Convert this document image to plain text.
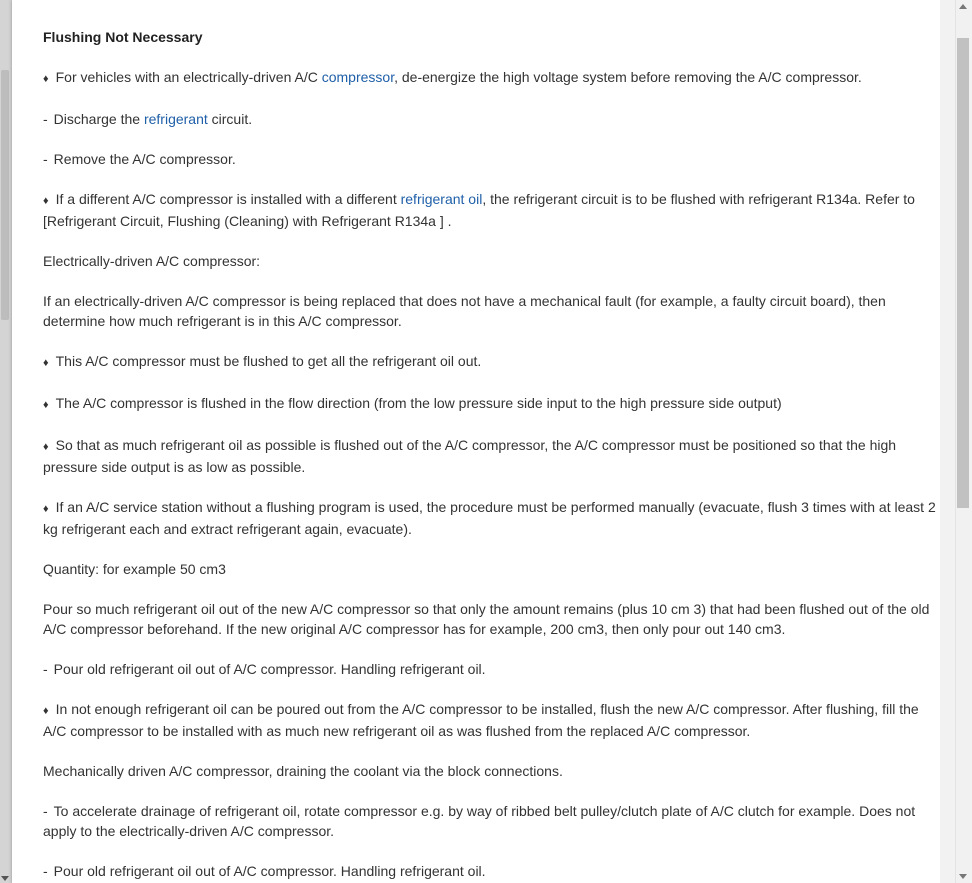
Flushing Not Necessary

♦ For vehicles with an electrically-driven A/C compressor, de-energize the high voltage system before removing the A/C compressor.

- Discharge the refrigerant circuit.

- Remove the A/C compressor.

♦ If a different A/C compressor is installed with a different refrigerant oil, the refrigerant circuit is to be flushed with refrigerant R134a. Refer to [Refrigerant Circuit, Flushing (Cleaning) with Refrigerant R134a ] .

Electrically-driven A/C compressor:

If an electrically-driven A/C compressor is being replaced that does not have a mechanical fault (for example, a faulty circuit board), then determine how much refrigerant is in this A/C compressor.

♦ This A/C compressor must be flushed to get all the refrigerant oil out.

♦ The A/C compressor is flushed in the flow direction (from the low pressure side input to the high pressure side output)

♦ So that as much refrigerant oil as possible is flushed out of the A/C compressor, the A/C compressor must be positioned so that the high pressure side output is as low as possible.

♦ If an A/C service station without a flushing program is used, the procedure must be performed manually (evacuate, flush 3 times with at least 2 kg refrigerant each and extract refrigerant again, evacuate).

Quantity: for example 50 cm3

Pour so much refrigerant oil out of the new A/C compressor so that only the amount remains (plus 10 cm 3) that had been flushed out of the old A/C compressor beforehand. If the new original A/C compressor has for example, 200 cm3, then only pour out 140 cm3.

- Pour old refrigerant oil out of A/C compressor. Handling refrigerant oil.

♦ In not enough refrigerant oil can be poured out from the A/C compressor to be installed, flush the new A/C compressor. After flushing, fill the A/C compressor to be installed with as much new refrigerant oil as was flushed from the replaced A/C compressor.

Mechanically driven A/C compressor, draining the coolant via the block connections.

- To accelerate drainage of refrigerant oil, rotate compressor e.g. by way of ribbed belt pulley/clutch plate of A/C clutch for example. Does not apply to the electrically-driven A/C compressor.

- Pour old refrigerant oil out of A/C compressor. Handling refrigerant oil.
